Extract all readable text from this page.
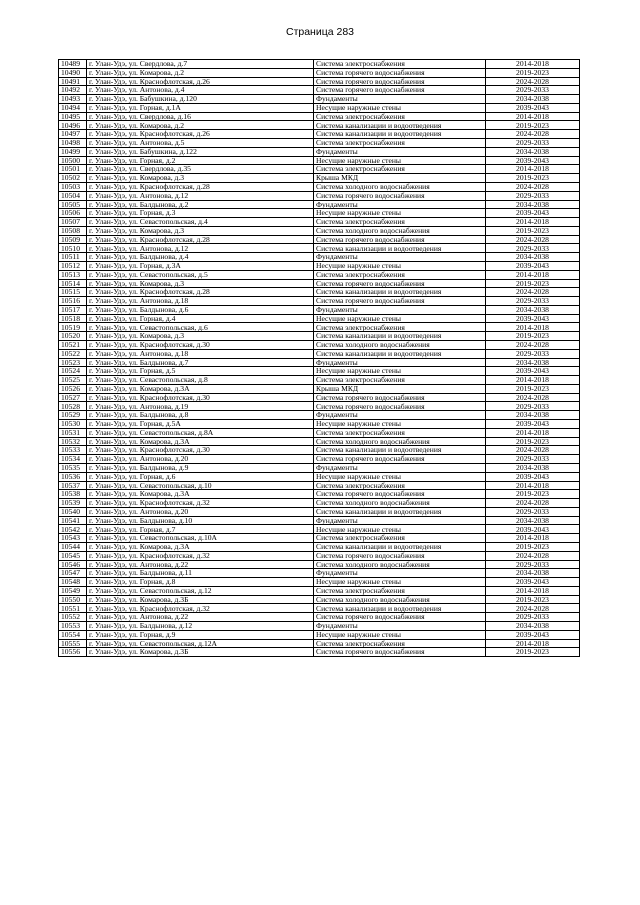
Страница 283
10489	г. Улан-Удэ, ул. Свердлова, д.7	Система электроснабжения	2014-2018
10490	г. Улан-Удэ, ул. Комарова, д.2	Система горячего водоснабжения	2019-2023
10491	г. Улан-Удэ, ул. Краснофлотская, д.26	Система горячего водоснабжения	2024-2028
10492	г. Улан-Удэ, ул. Антонова, д.4	Система горячего водоснабжения	2029-2033
10493	г. Улан-Удэ, ул. Бабушкина, д.120	Фундаменты	2034-2038
10494	г. Улан-Удэ, ул. Горная, д.1А	Несущие наружные стены	2039-2043
10495	г. Улан-Удэ, ул. Свердлова, д.16	Система электроснабжения	2014-2018
10496	г. Улан-Удэ, ул. Комарова, д.2	Система канализации и водоотведения	2019-2023
10497	г. Улан-Удэ, ул. Краснофлотская, д.26	Система канализации и водоотведения	2024-2028
10498	г. Улан-Удэ, ул. Антонова, д.5	Система электроснабжения	2029-2033
10499	г. Улан-Удэ, ул. Бабушкина, д.122	Фундаменты	2034-2038
10500	г. Улан-Удэ, ул. Горная, д.2	Несущие наружные стены	2039-2043
10501	г. Улан-Удэ, ул. Свердлова, д.35	Система электроснабжения	2014-2018
10502	г. Улан-Удэ, ул. Комарова, д.3	Крыша МКД	2019-2023
10503	г. Улан-Удэ, ул. Краснофлотская, д.28	Система холодного водоснабжения	2024-2028
10504	г. Улан-Удэ, ул. Антонова, д.12	Система горячего водоснабжения	2029-2033
10505	г. Улан-Удэ, ул. Балдынова, д.2	Фундаменты	2034-2038
10506	г. Улан-Удэ, ул. Горная, д.3	Несущие наружные стены	2039-2043
10507	г. Улан-Удэ, ул. Севастопольская, д.4	Система электроснабжения	2014-2018
10508	г. Улан-Удэ, ул. Комарова, д.3	Система холодного водоснабжения	2019-2023
10509	г. Улан-Удэ, ул. Краснофлотская, д.28	Система горячего водоснабжения	2024-2028
10510	г. Улан-Удэ, ул. Антонова, д.12	Система канализации и водоотведения	2029-2033
10511	г. Улан-Удэ, ул. Балдынова, д.4	Фундаменты	2034-2038
10512	г. Улан-Удэ, ул. Горная, д.3А	Несущие наружные стены	2039-2043
10513	г. Улан-Удэ, ул. Севастопольская, д.5	Система электроснабжения	2014-2018
10514	г. Улан-Удэ, ул. Комарова, д.3	Система горячего водоснабжения	2019-2023
10515	г. Улан-Удэ, ул. Краснофлотская, д.28	Система канализации и водоотведения	2024-2028
10516	г. Улан-Удэ, ул. Антонова, д.18	Система горячего водоснабжения	2029-2033
10517	г. Улан-Удэ, ул. Балдынова, д.6	Фундаменты	2034-2038
10518	г. Улан-Удэ, ул. Горная, д.4	Несущие наружные стены	2039-2043
10519	г. Улан-Удэ, ул. Севастопольская, д.6	Система электроснабжения	2014-2018
10520	г. Улан-Удэ, ул. Комарова, д.3	Система канализации и водоотведения	2019-2023
10521	г. Улан-Удэ, ул. Краснофлотская, д.30	Система холодного водоснабжения	2024-2028
10522	г. Улан-Удэ, ул. Антонова, д.18	Система канализации и водоотведения	2029-2033
10523	г. Улан-Удэ, ул. Балдынова, д.7	Фундаменты	2034-2038
10524	г. Улан-Удэ, ул. Горная, д.5	Несущие наружные стены	2039-2043
10525	г. Улан-Удэ, ул. Севастопольская, д.8	Система электроснабжения	2014-2018
10526	г. Улан-Удэ, ул. Комарова, д.3А	Крыша МКД	2019-2023
10527	г. Улан-Удэ, ул. Краснофлотская, д.30	Система горячего водоснабжения	2024-2028
10528	г. Улан-Удэ, ул. Антонова, д.19	Система горячего водоснабжения	2029-2033
10529	г. Улан-Удэ, ул. Балдынова, д.8	Фундаменты	2034-2038
10530	г. Улан-Удэ, ул. Горная, д.5А	Несущие наружные стены	2039-2043
10531	г. Улан-Удэ, ул. Севастопольская, д.8А	Система электроснабжения	2014-2018
10532	г. Улан-Удэ, ул. Комарова, д.3А	Система холодного водоснабжения	2019-2023
10533	г. Улан-Удэ, ул. Краснофлотская, д.30	Система канализации и водоотведения	2024-2028
10534	г. Улан-Удэ, ул. Антонова, д.20	Система горячего водоснабжения	2029-2033
10535	г. Улан-Удэ, ул. Балдынова, д.9	Фундаменты	2034-2038
10536	г. Улан-Удэ, ул. Горная, д.6	Несущие наружные стены	2039-2043
10537	г. Улан-Удэ, ул. Севастопольская, д.10	Система электроснабжения	2014-2018
10538	г. Улан-Удэ, ул. Комарова, д.3А	Система горячего водоснабжения	2019-2023
10539	г. Улан-Удэ, ул. Краснофлотская, д.32	Система холодного водоснабжения	2024-2028
10540	г. Улан-Удэ, ул. Антонова, д.20	Система канализации и водоотведения	2029-2033
10541	г. Улан-Удэ, ул. Балдынова, д.10	Фундаменты	2034-2038
10542	г. Улан-Удэ, ул. Горная, д.7	Несущие наружные стены	2039-2043
10543	г. Улан-Удэ, ул. Севастопольская, д.10А	Система электроснабжения	2014-2018
10544	г. Улан-Удэ, ул. Комарова, д.3А	Система канализации и водоотведения	2019-2023
10545	г. Улан-Удэ, ул. Краснофлотская, д.32	Система горячего водоснабжения	2024-2028
10546	г. Улан-Удэ, ул. Антонова, д.22	Система холодного водоснабжения	2029-2033
10547	г. Улан-Удэ, ул. Балдынова, д.11	Фундаменты	2034-2038
10548	г. Улан-Удэ, ул. Горная, д.8	Несущие наружные стены	2039-2043
10549	г. Улан-Удэ, ул. Севастопольская, д.12	Система электроснабжения	2014-2018
10550	г. Улан-Удэ, ул. Комарова, д.3Б	Система холодного водоснабжения	2019-2023
10551	г. Улан-Удэ, ул. Краснофлотская, д.32	Система канализации и водоотведения	2024-2028
10552	г. Улан-Удэ, ул. Антонова, д.22	Система горячего водоснабжения	2029-2033
10553	г. Улан-Удэ, ул. Балдынова, д.12	Фундаменты	2034-2038
10554	г. Улан-Удэ, ул. Горная, д.9	Несущие наружные стены	2039-2043
10555	г. Улан-Удэ, ул. Севастопольская, д.12А	Система электроснабжения	2014-2018
10556	г. Улан-Удэ, ул. Комарова, д.3Б	Система горячего водоснабжения	2019-2023
